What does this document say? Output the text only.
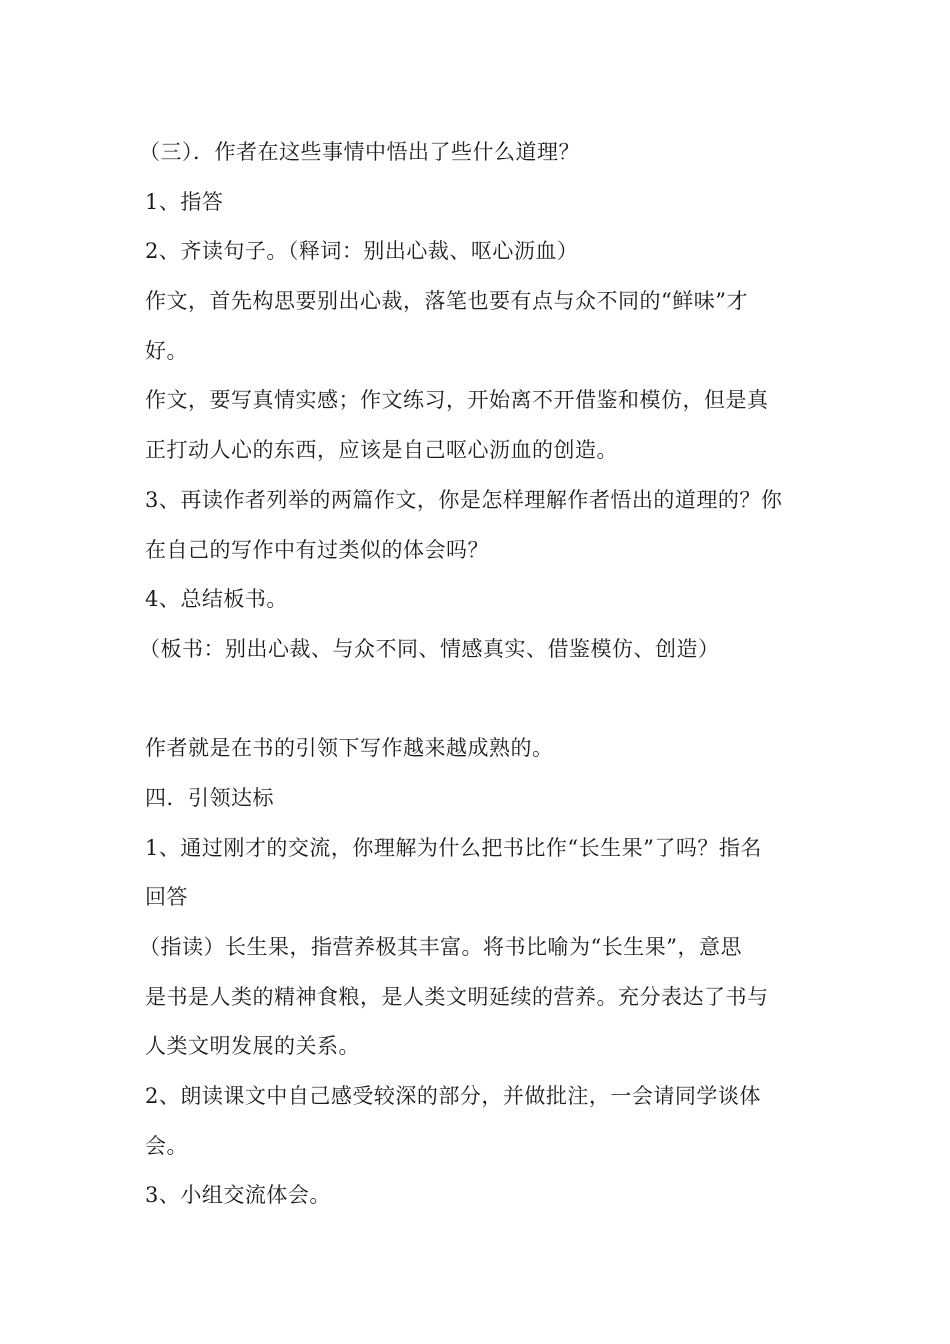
（三）．作者在这些事情中悟出了些什么道理？
1、指答
2、齐读句子。（释词：别出心裁、呕心沥血）
作文，首先构思要别出心裁，落笔也要有点与众不同的“鲜味”才
好。
作文，要写真情实感；作文练习，开始离不开借鉴和模仿，但是真
正打动人心的东西，应该是自己呕心沥血的创造。
3、再读作者列举的两篇作文，你是怎样理解作者悟出的道理的？你
在自己的写作中有过类似的体会吗？
4、总结板书。
（板书：别出心裁、与众不同、情感真实、借鉴模仿、创造）
作者就是在书的引领下写作越来越成熟的。
四．引领达标
1、通过刚才的交流，你理解为什么把书比作“长生果”了吗？指名
回答
（指读）长生果，指营养极其丰富。将书比喻为“长生果”，意思
是书是人类的精神食粮，是人类文明延续的营养。充分表达了书与
人类文明发展的关系。
2、朗读课文中自己感受较深的部分，并做批注，一会请同学谈体
会。
3、小组交流体会。
